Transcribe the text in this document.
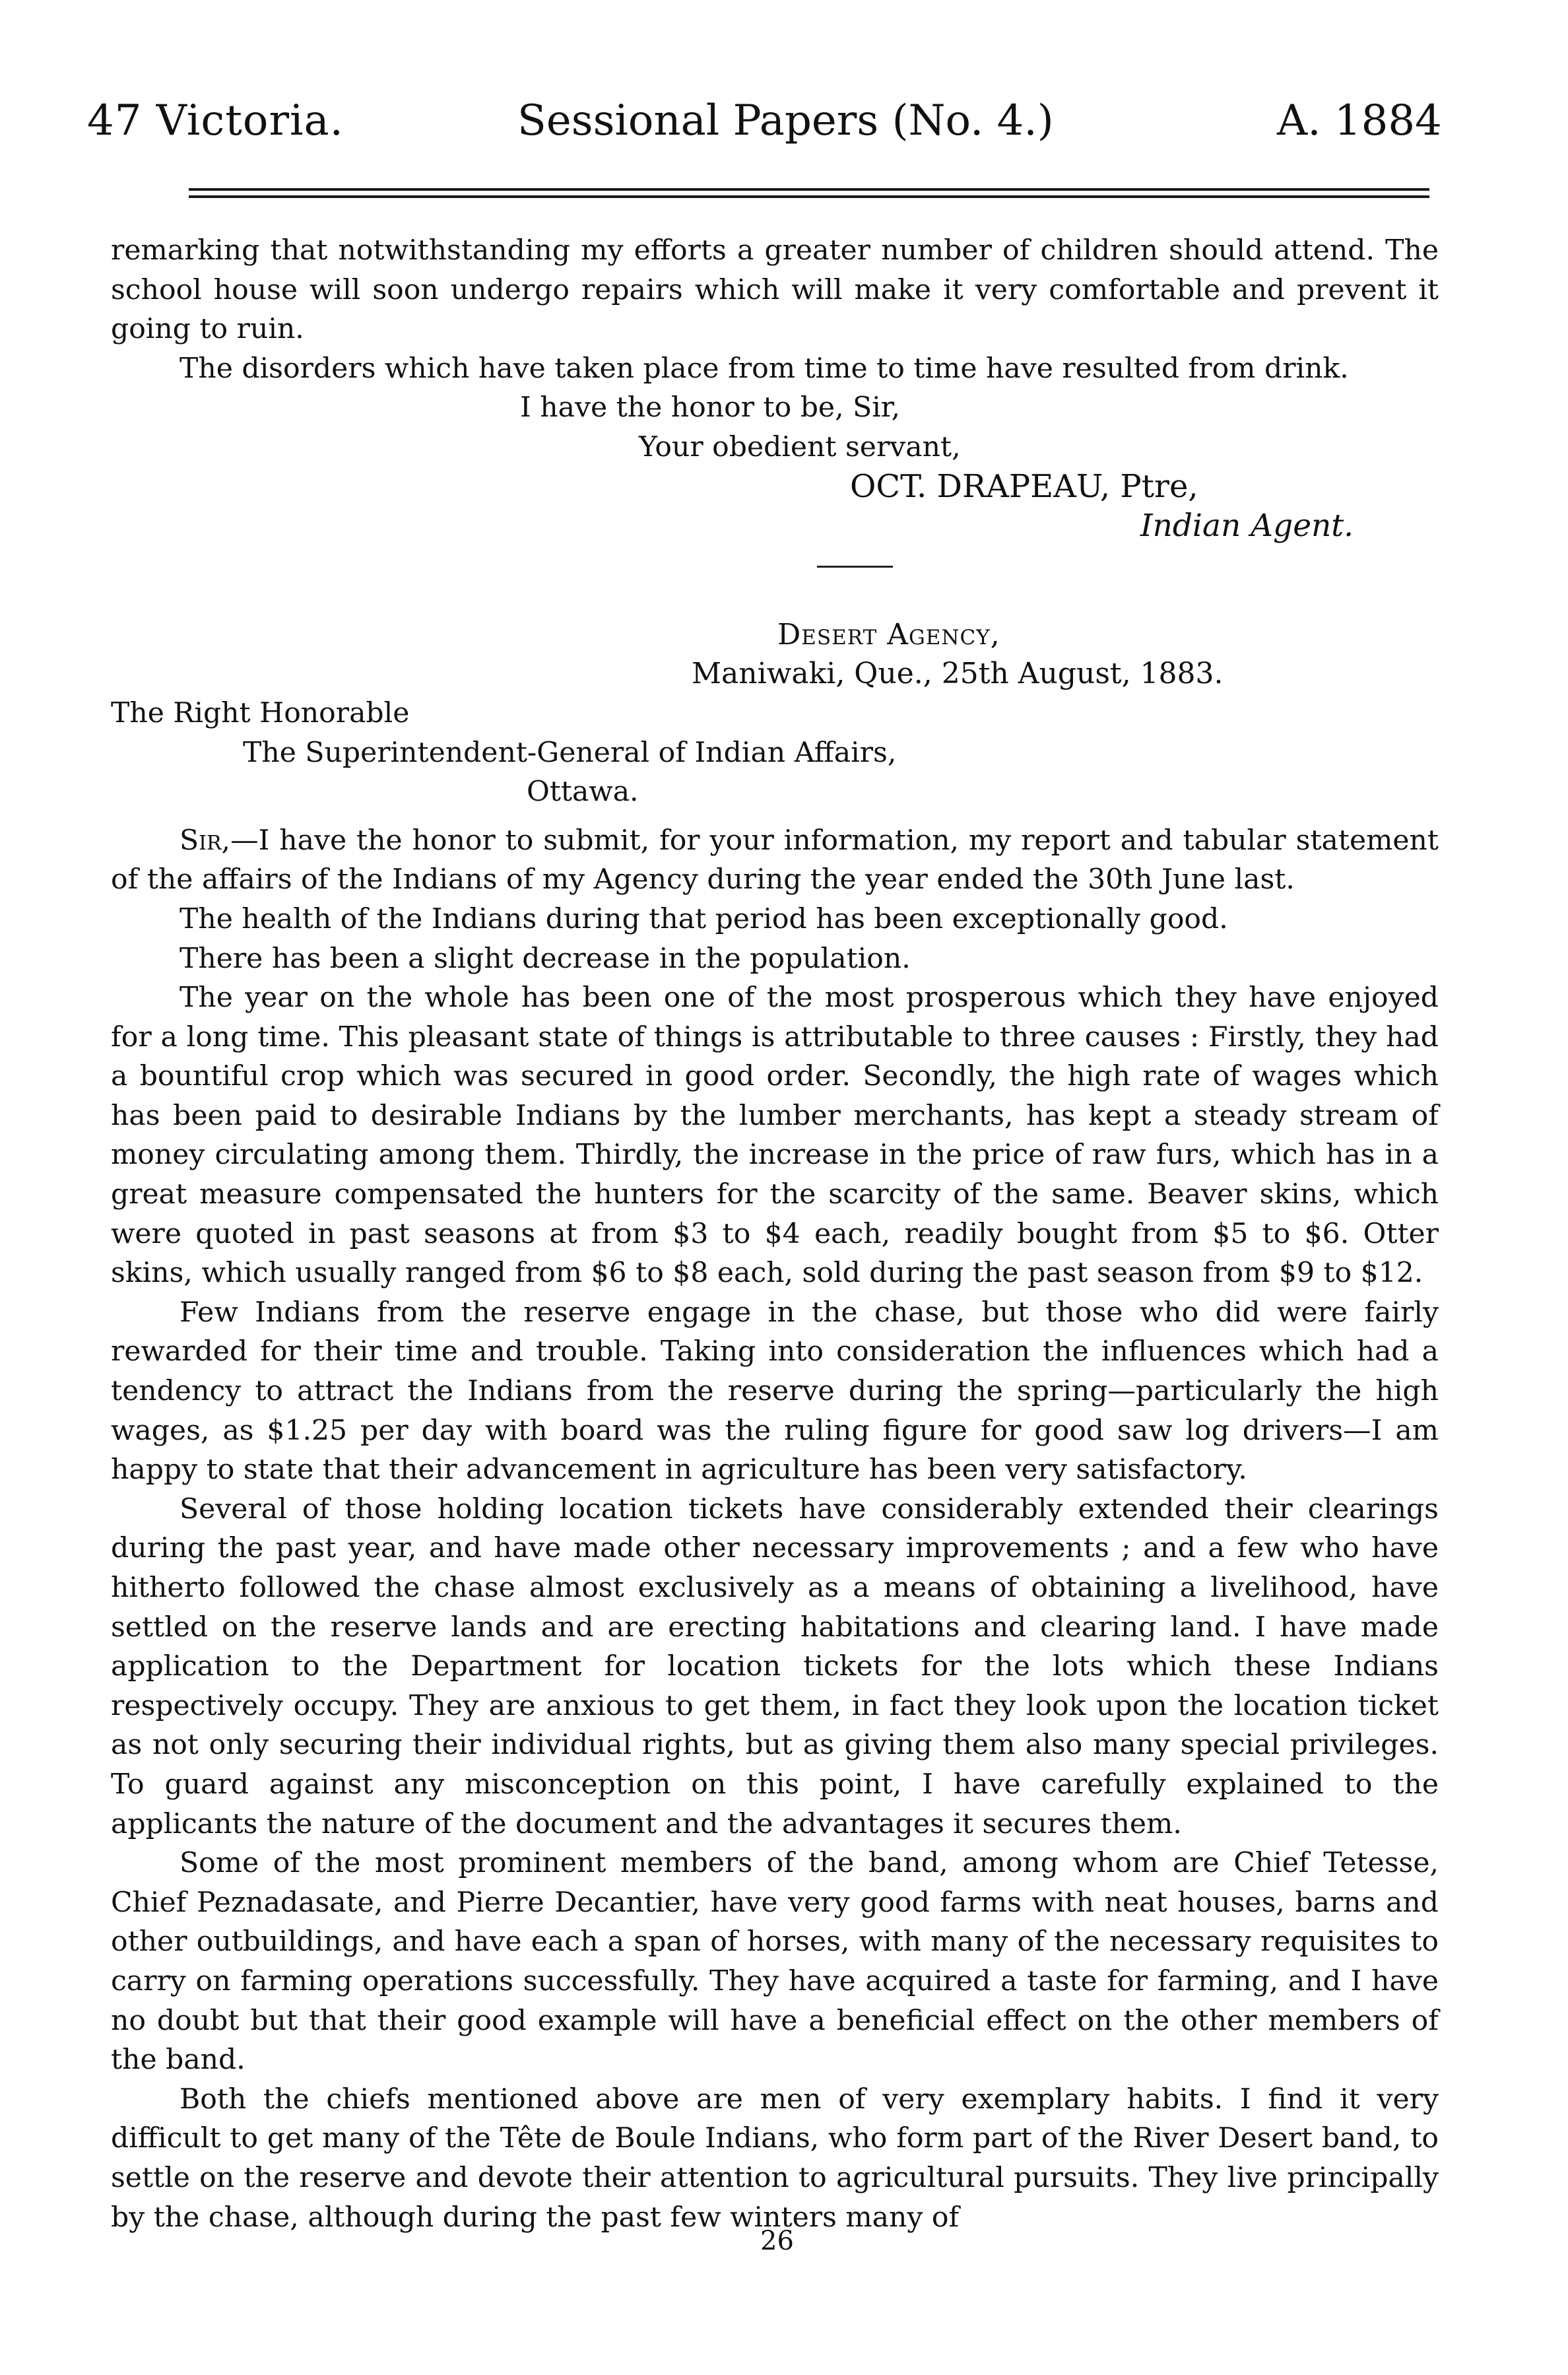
47 Victoria.	Sessional Papers (No. 4.)	A. 1884

remarking that notwithstanding my efforts a greater number of children should attend. The school house will soon undergo repairs which will make it very comfortable and prevent it going to ruin.

The disorders which have taken place from time to time have resulted from drink.

I have the honor to be, Sir,
Your obedient servant,
OCT. DRAPEAU, Ptre,
Indian Agent.
Desert Agency,
Maniwaki, Que., 25th August, 1883.
The Right Honorable
The Superintendent-General of Indian Affairs,
Ottawa.

Sir,—I have the honor to submit, for your information, my report and tabular statement of the affairs of the Indians of my Agency during the year ended the 30th June last.

The health of the Indians during that period has been exceptionally good.

There has been a slight decrease in the population.

The year on the whole has been one of the most prosperous which they have enjoyed for a long time. This pleasant state of things is attributable to three causes : Firstly, they had a bountiful crop which was secured in good order. Secondly, the high rate of wages which has been paid to desirable Indians by the lumber merchants, has kept a steady stream of money circulating among them. Thirdly, the increase in the price of raw furs, which has in a great measure compensated the hunters for the scarcity of the same. Beaver skins, which were quoted in past seasons at from $3 to $4 each, readily bought from $5 to $6. Otter skins, which usually ranged from $6 to $8 each, sold during the past season from $9 to $12.

Few Indians from the reserve engage in the chase, but those who did were fairly rewarded for their time and trouble. Taking into consideration the influences which had a tendency to attract the Indians from the reserve during the spring—particularly the high wages, as $1.25 per day with board was the ruling figure for good saw log drivers—I am happy to state that their advancement in agriculture has been very satisfactory.

Several of those holding location tickets have considerably extended their clearings during the past year, and have made other necessary improvements ; and a few who have hitherto followed the chase almost exclusively as a means of obtaining a livelihood, have settled on the reserve lands and are erecting habitations and clearing land. I have made application to the Department for location tickets for the lots which these Indians respectively occupy. They are anxious to get them, in fact they look upon the location ticket as not only securing their individual rights, but as giving them also many special privileges. To guard against any misconception on this point, I have carefully explained to the applicants the nature of the document and the advantages it secures them.

Some of the most prominent members of the band, among whom are Chief Tetesse, Chief Peznadasate, and Pierre Decantier, have very good farms with neat houses, barns and other outbuildings, and have each a span of horses, with many of the necessary requisites to carry on farming operations successfully. They have acquired a taste for farming, and I have no doubt but that their good example will have a beneficial effect on the other members of the band.

Both the chiefs mentioned above are men of very exemplary habits. I find it very difficult to get many of the Tête de Boule Indians, who form part of the River Desert band, to settle on the reserve and devote their attention to agricultural pursuits. They live principally by the chase, although during the past few winters many of

26
